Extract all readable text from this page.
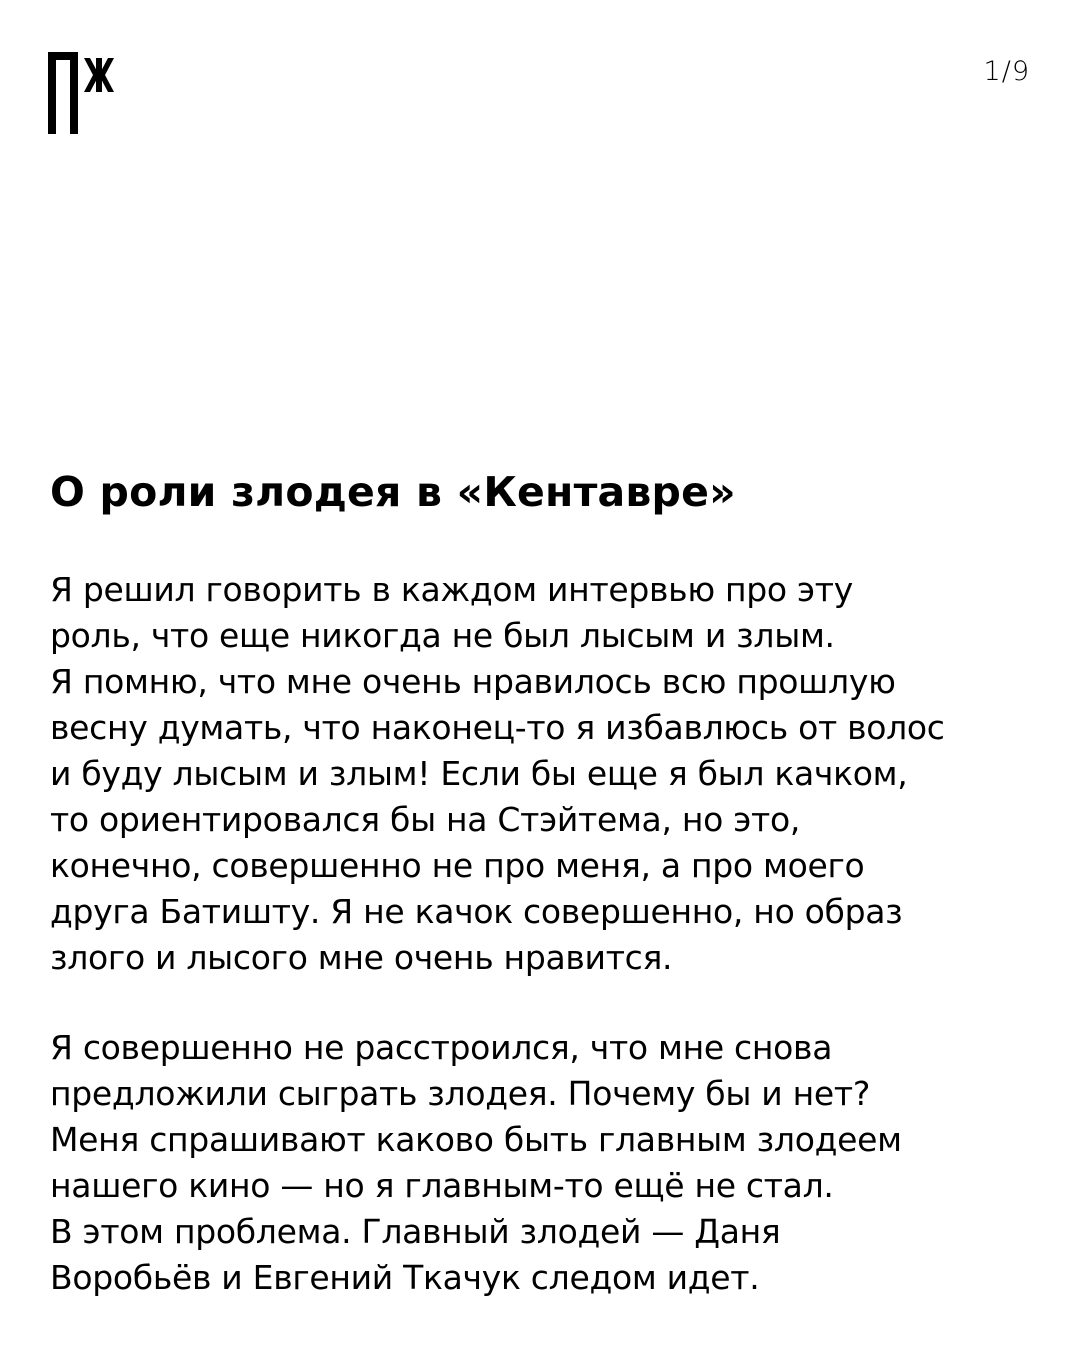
1/9
О роли злодея в «Кентавре»

Я решил говорить в каждом интервью про эту
роль, что еще никогда не был лысым и злым.
Я помню, что мне очень нравилось всю прошлую
весну думать, что наконец-то я избавлюсь от волос
и буду лысым и злым! Если бы еще я был качком,
то ориентировался бы на Стэйтема, но это,
конечно, совершенно не про меня, а про моего
друга Батишту. Я не качок совершенно, но образ
злого и лысого мне очень нравится.

Я совершенно не расстроился, что мне снова
предложили сыграть злодея. Почему бы и нет?
Меня спрашивают каково быть главным злодеем
нашего кино — но я главным-то ещё не стал.
В этом проблема. Главный злодей — Даня
Воробьёв и Евгений Ткачук следом идет.
